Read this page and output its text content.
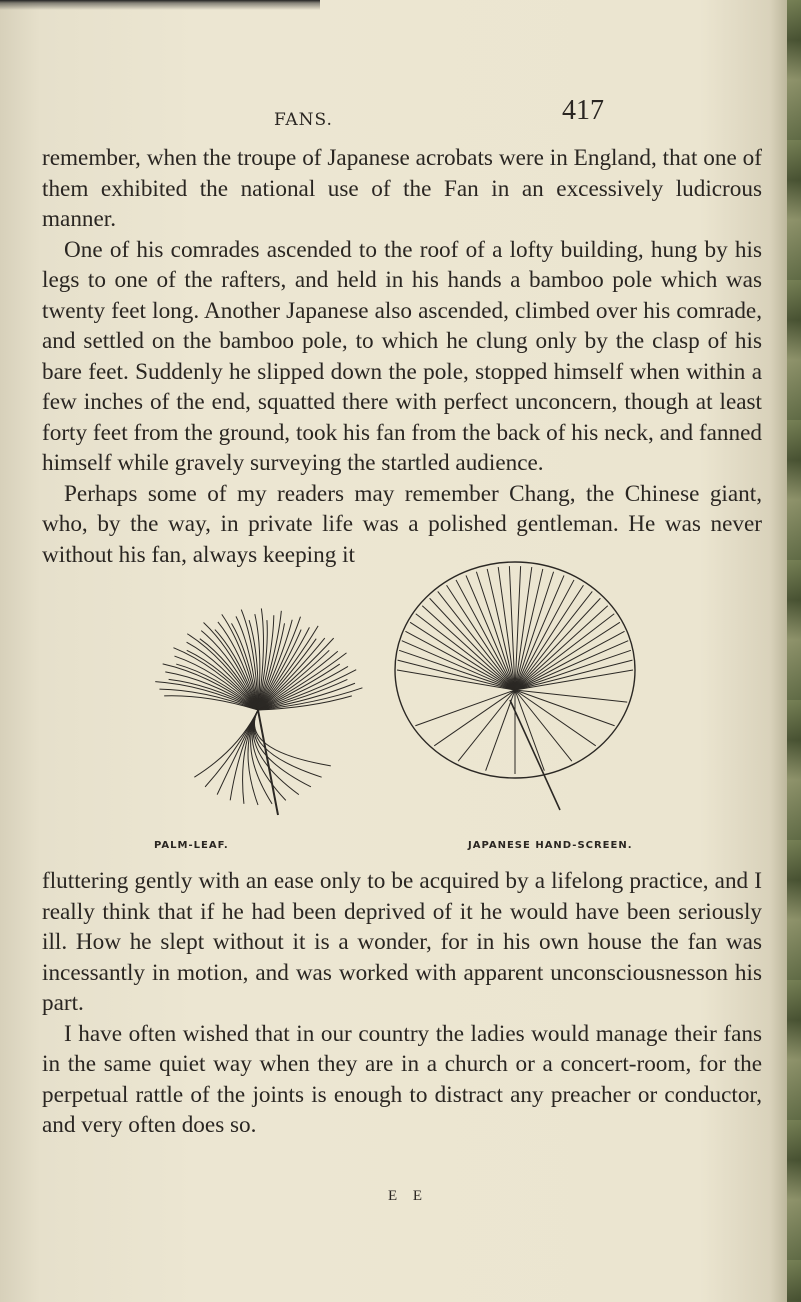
FANS.	417

remember, when the troupe of Japanese acrobats were in England, that one of them exhibited the national use of the Fan in an excessively ludicrous manner.

One of his comrades ascended to the roof of a lofty building, hung by his legs to one of the rafters, and held in his hands a bamboo pole which was twenty feet long. Another Japanese also ascended, climbed over his comrade, and settled on the bamboo pole, to which he clung only by the clasp of his bare feet. Suddenly he slipped down the pole, stopped himself when within a few inches of the end, squatted there with perfect unconcern, though at least forty feet from the ground, took his fan from the back of his neck, and fanned himself while gravely surveying the startled audience.

Perhaps some of my readers may remember Chang, the Chinese giant, who, by the way, in private life was a polished gentleman. He was never without his fan, always keeping it

PALM-LEAF.	JAPANESE HAND-SCREEN.

fluttering gently with an ease only to be acquired by a lifelong practice, and I really think that if he had been deprived of it he would have been seriously ill. How he slept without it is a wonder, for in his own house the fan was incessantly in motion, and was worked with apparent unconsciousnesson his part.

I have often wished that in our country the ladies would manage their fans in the same quiet way when they are in a church or a concert-room, for the perpetual rattle of the joints is enough to distract any preacher or conductor, and very often does so.

E E
